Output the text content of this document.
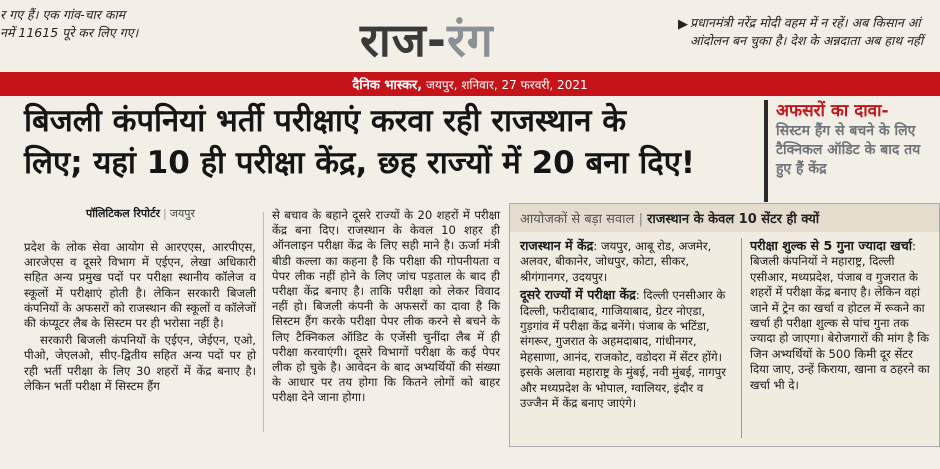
र गए हैं। एक गांव-चार काम
नमें 11615 पूरे कर लिए गए।	राज-रंग	▶ प्रधानमंत्री नरेंद्र मोदी वहम में न रहें। अब किसान आं
आंदोलन बन चुका है। देश के अन्नदाता अब हाथ नहीं
दैनिक भास्कर, जयपुर, शनिवार, 27 फरवरी, 2021
बिजली कंपनियां भर्ती परीक्षाएं करवा रही राजस्थान के
लिए; यहां 10 ही परीक्षा केंद्र, छह राज्यों में 20 बना दिए!
अफसरों का दावा-
सिस्टम हैंग से बचने के लिए टैक्निकल ऑडिट के बाद तय हुए हैं केंद्र
पॉलिटिकल रिपोर्टर | जयपुर

प्रदेश के लोक सेवा आयोग से आरएएस, आरपीएस, आरजेएस व दूसरे विभाग में एईएन, लेखा अधिकारी सहित अन्य प्रमुख पदों पर परीक्षा स्थानीय कॉलेज व स्कूलों में परीक्षाएं होती है। लेकिन सरकारी बिजली कंपनियों के अफसरों को राजस्थान की स्कूलों व कॉलेजों की कंप्यूटर लैब के सिस्टम पर ही भरोसा नहीं है।

सरकारी बिजली कंपनियों के एईएन, जेईएन, एओ, पीओ, जेएलओ, सीए-द्वितीय सहित अन्य पदों पर हो रही भर्ती परीक्षा के लिए 30 शहरों में केंद्र बनाए है। लेकिन भर्ती परीक्षा में सिस्टम हैंग

से बचाव के बहाने दूसरे राज्यों के 20 शहरों में परीक्षा केंद्र बना दिए। राजस्थान के केवल 10 शहर ही ऑनलाइन परीक्षा केंद्र के लिए सही माने है। ऊर्जा मंत्री बीडी कल्ला का कहना है कि परीक्षा की गोपनीयता व पेपर लीक नहीं होने के लिए जांच पड़ताल के बाद ही परीक्षा केंद्र बनाए है। ताकि परीक्षा को लेकर विवाद नहीं हो। बिजली कंपनी के अफसरों का दावा है कि सिस्टम हैंग करके परीक्षा पेपर लीक करने से बचने के लिए टैक्निकल ऑडिट के एजेंसी चुनींदा लैब में ही परीक्षा करवाएंगी। दूसरे विभागों परीक्षा के कई पेपर लीक हो चुके है। आवेदन के बाद अभ्यर्थियों की संख्या के आधार पर तय होगा कि कितने लोगों को बाहर परीक्षा देने जाना होगा।

आयोजकों से बड़ा सवाल | राजस्थान के केवल 10 सेंटर ही क्यों

राजस्थान में केंद्र: जयपुर, आबू रोड, अजमेर, अलवर, बीकानेर, जोधपुर, कोटा, सीकर, श्रीगंगानगर, उदयपुर।

दूसरे राज्यों में परीक्षा केंद्र: दिल्ली एनसीआर के दिल्ली, फरीदाबाद, गाजियाबाद, ग्रेटर नोएडा, गुड़गांव में परीक्षा केंद्र बनेंगे। पंजाब के भटिंडा, संगरूर, गुजरात के अहमदाबाद, गांधीनगर, मेहसाणा, आनंद, राजकोट, वडोदरा में सेंटर होंगे। इसके अलावा महाराष्ट्र के मुंबई, नवी मुंबई, नागपुर और मध्यप्रदेश के भोपाल, ग्वालियर, इंदौर व उज्जैन में केंद्र बनाए जाएंगे।

परीक्षा शुल्क से 5 गुना ज्यादा खर्चा: बिजली कंपनियों ने महाराष्ट्र, दिल्ली एसीआर, मध्यप्रदेश, पंजाब व गुजरात के शहरों में परीक्षा केंद्र बनाए है। लेकिन वहां जाने में ट्रेन का खर्चा व होटल में रूकने का खर्चा ही परीक्षा शुल्क से पांच गुना तक ज्यादा हो जाएगा। बेरोजगारों की मांग है कि जिन अभ्यर्थियों के 500 किमी दूर सेंटर दिया जाए, उन्हें किराया, खाना व ठहरने का खर्चा भी दे।
